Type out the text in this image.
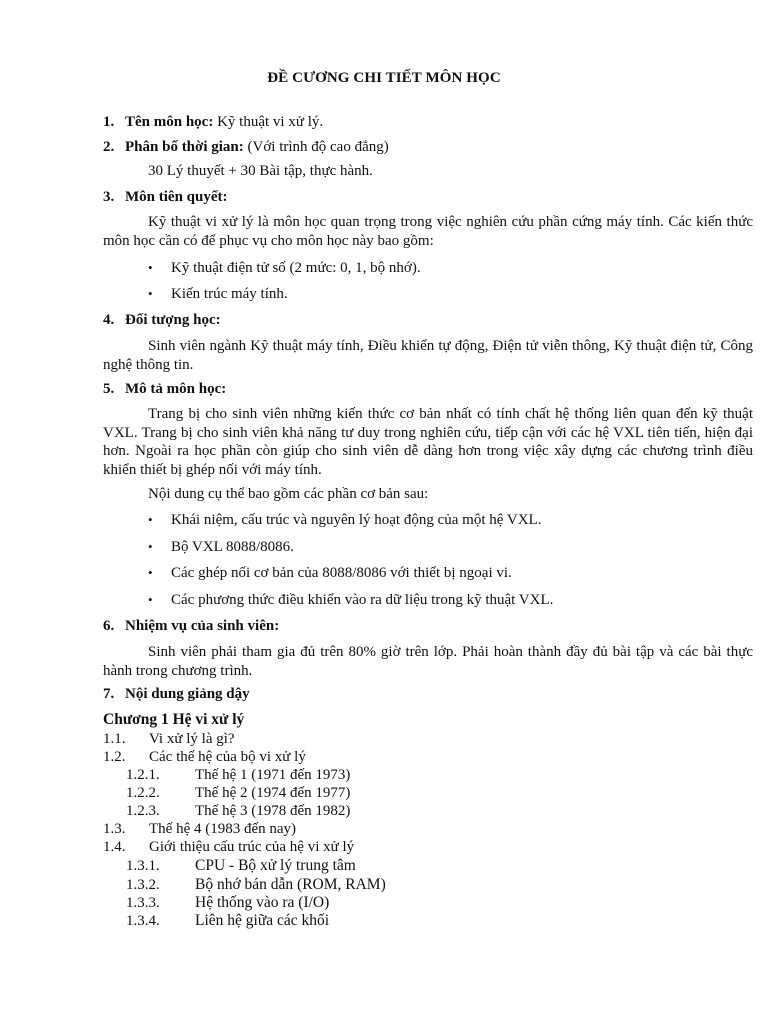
ĐỀ CƯƠNG CHI TIẾT MÔN HỌC
1. Tên môn học: Kỹ thuật vi xử lý.
2. Phân bố thời gian: (Với trình độ cao đẳng)
30 Lý thuyết + 30 Bài tập, thực hành.
3. Môn tiên quyết:
Kỹ thuật vi xử lý là môn học quan trọng trong việc nghiên cứu phần cứng máy tính. Các kiến thức môn học cần có để phục vụ cho môn học này bao gồm:
•Kỹ thuật điện tử số (2 mức: 0, 1, bộ nhớ).
•Kiến trúc máy tính.
4. Đối tượng học:
Sinh viên ngành Kỹ thuật máy tính, Điều khiển tự động, Điện tử viễn thông, Kỹ thuật điện tử, Công nghệ thông tin.
5. Mô tả môn học:
Trang bị cho sinh viên những kiến thức cơ bản nhất có tính chất hệ thống liên quan đến kỹ thuật VXL. Trang bị cho sinh viên khả năng tư duy trong nghiên cứu, tiếp cận với các hệ VXL tiên tiến, hiện đại hơn. Ngoài ra học phần còn giúp cho sinh viên dễ dàng hơn trong việc xây dựng các chương trình điều khiển thiết bị ghép nối với máy tính.
Nội dung cụ thể bao gồm các phần cơ bản sau:
•Khái niệm, cấu trúc và nguyên lý hoạt động của một hệ VXL.
•Bộ VXL 8088/8086.
•Các ghép nối cơ bản của 8088/8086 với thiết bị ngoại vi.
•Các phương thức điều khiển vào ra dữ liệu trong kỹ thuật VXL.
6. Nhiệm vụ của sinh viên:
Sinh viên phải tham gia đủ trên 80% giờ trên lớp. Phải hoàn thành đầy đủ bài tập và các bài thực hành trong chương trình.
7. Nội dung giảng dậy
Chương 1 Hệ vi xử lý
1.1. Vi xử lý là gì?
1.2. Các thế hệ của bộ vi xử lý
1.2.1. Thế hệ 1 (1971 đến 1973)
1.2.2. Thế hệ 2 (1974 đến 1977)
1.2.3. Thế hệ 3 (1978 đến 1982)
1.3. Thế hệ 4 (1983 đến nay)
1.4. Giới thiệu cấu trúc của hệ vi xử lý
1.3.1. CPU - Bộ xử lý trung tâm
1.3.2. Bộ nhớ bán dẫn (ROM, RAM)
1.3.3. Hệ thống vào ra (I/O)
1.3.4. Liên hệ giữa các khối
